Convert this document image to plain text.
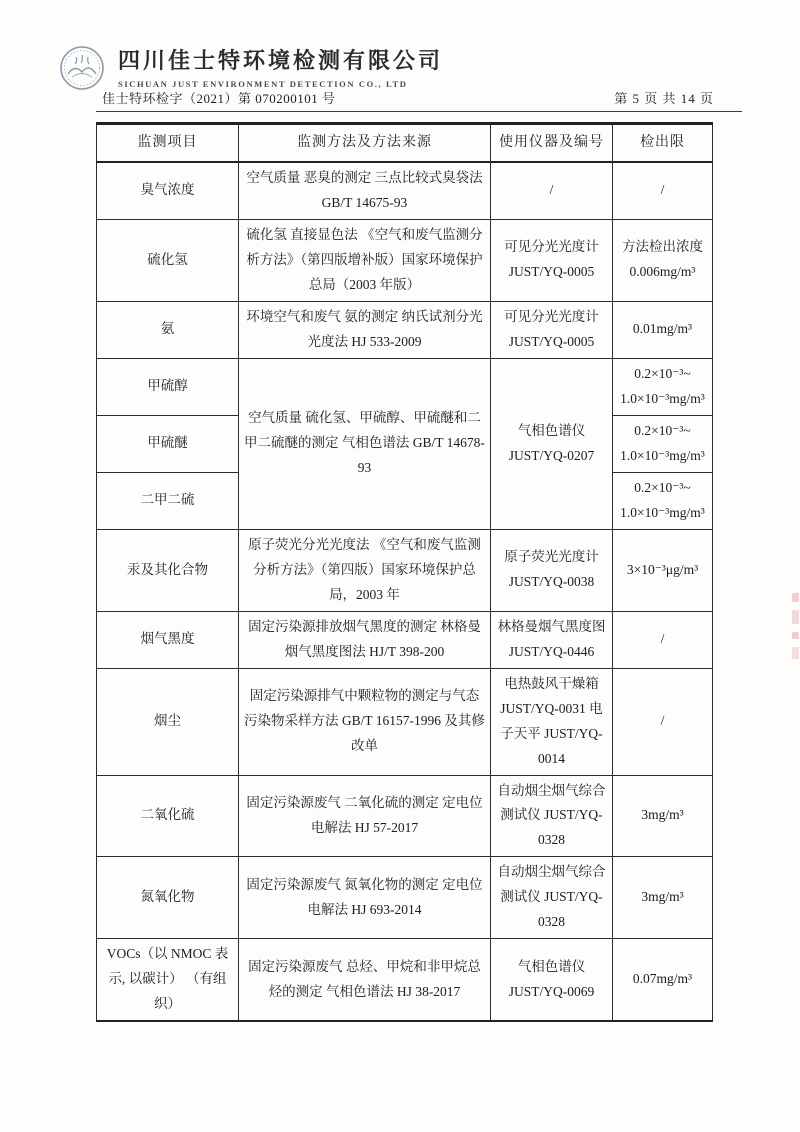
四川佳士特环境检测有限公司
SICHUAN JUST ENVIRONMENT DETECTION CO., LTD
佳士特环检字（2021）第 070200101 号	第 5 页 共 14 页
监测项目	监测方法及方法来源	使用仪器及编号	检出限
臭气浓度	空气质量 恶臭的测定 三点比较式臭袋法 GB/T 14675-93	/	/
硫化氢	硫化氢 直接显色法 《空气和废气监测分析方法》（第四版增补版）国家环境保护总局（2003 年版）	可见分光光度计 JUST/YQ-0005	方法检出浓度 0.006mg/m³
氨	环境空气和废气 氨的测定 纳氏试剂分光光度法 HJ 533-2009	可见分光光度计 JUST/YQ-0005	0.01mg/m³
甲硫醇	空气质量 硫化氢、甲硫醇、甲硫醚和二甲二硫醚的测定 气相色谱法 GB/T 14678-93	气相色谱仪 JUST/YQ-0207	0.2×10⁻³~ 1.0×10⁻³mg/m³
甲硫醚			0.2×10⁻³~ 1.0×10⁻³mg/m³
二甲二硫			0.2×10⁻³~ 1.0×10⁻³mg/m³
汞及其化合物	原子荧光分光光度法 《空气和废气监测分析方法》（第四版）国家环境保护总局，2003 年	原子荧光光度计 JUST/YQ-0038	3×10⁻³μg/m³
烟气黑度	固定污染源排放烟气黑度的测定 林格曼烟气黑度图法 HJ/T 398-200	林格曼烟气黑度图 JUST/YQ-0446	/
烟尘	固定污染源排气中颗粒物的测定与气态污染物采样方法 GB/T 16157-1996 及其修改单	电热鼓风干燥箱 JUST/YQ-0031 电子天平 JUST/YQ-0014	/
二氧化硫	固定污染源废气 二氧化硫的测定 定电位电解法 HJ 57-2017	自动烟尘烟气综合测试仪 JUST/YQ-0328	3mg/m³
氮氧化物	固定污染源废气 氮氧化物的测定 定电位电解法 HJ 693-2014	自动烟尘烟气综合测试仪 JUST/YQ-0328	3mg/m³
VOCs（以 NMOC 表示, 以碳计） （有组织）	固定污染源废气 总烃、甲烷和非甲烷总烃的测定 气相色谱法 HJ 38-2017	气相色谱仪 JUST/YQ-0069	0.07mg/m³
